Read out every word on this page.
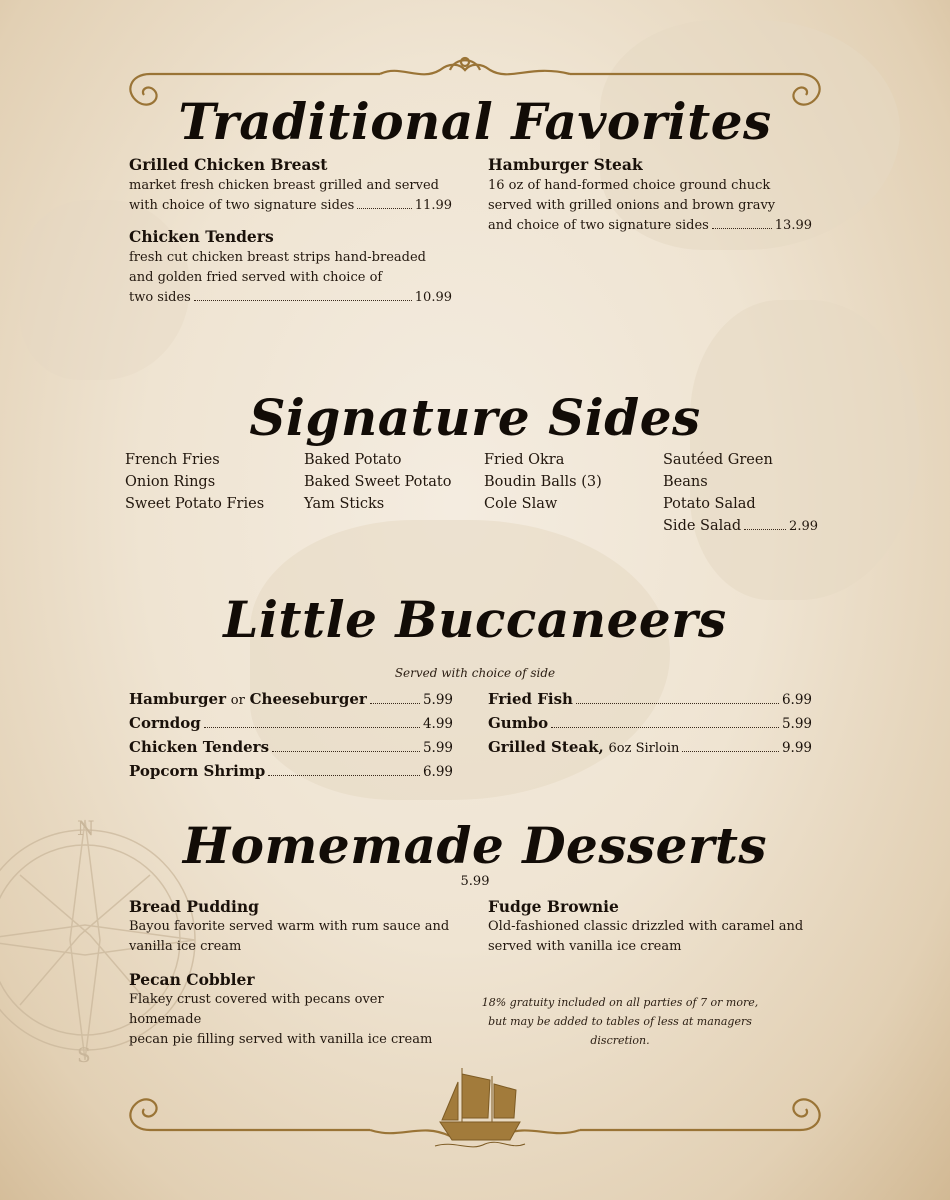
N
S
Traditional Favorites
Grilled Chicken Breast
market fresh chicken breast grilled and served
with choice of two signature sides	11.99
Chicken Tenders
fresh cut chicken breast strips hand-breaded
and golden fried served with choice of
two sides	10.99
Hamburger Steak
16 oz of hand-formed choice ground chuck
served with grilled onions and brown gravy
and choice of two signature sides	13.99
Signature Sides
French Fries
Onion Rings
Sweet Potato Fries
Baked Potato
Baked Sweet Potato
Yam Sticks
Fried Okra
Boudin Balls (3)
Cole Slaw
Sautéed Green Beans
Potato Salad
Side Salad	2.99
Little Buccaneers
Served with choice of side
Hamburger
or
Cheeseburger	5.99
Corndog	4.99
Chicken Tenders	5.99
Popcorn Shrimp	6.99
Fried Fish	6.99
Gumbo	5.99
Grilled Steak,
6oz Sirloin	9.99
Homemade Desserts
5.99
Bread Pudding
Bayou favorite served warm with rum sauce and
vanilla ice cream
Fudge Brownie
Old-fashioned classic drizzled with caramel and
served with vanilla ice cream
Pecan Cobbler
Flakey crust covered with pecans over homemade
pecan pie filling served with vanilla ice cream
18% gratuity included on all parties of 7 or more,
but may be added to tables of less at managers discretion.
